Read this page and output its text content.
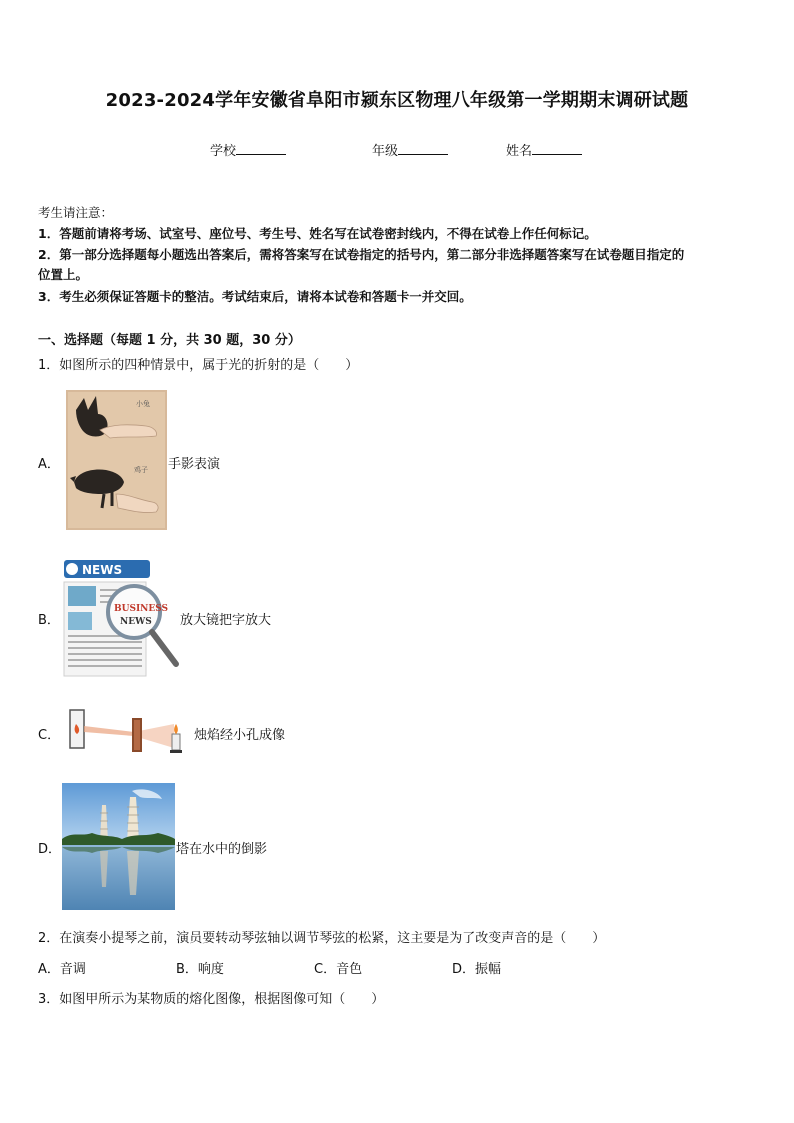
2023-2024学年安徽省阜阳市颍东区物理八年级第一学期期末调研试题
学校	年级	姓名
考生请注意：
1．答题前请将考场、试室号、座位号、考生号、姓名写在试卷密封线内，不得在试卷上作任何标记。
2．第一部分选择题每小题选出答案后，需将答案写在试卷指定的括号内，第二部分非选择题答案写在试卷题目指定的
位置上。
3．考生必须保证答题卡的整洁。考试结束后，请将本试卷和答题卡一并交回。
一、选择题（每题 1 分，共 30 题，30 分）
1．如图所示的四种情景中，属于光的折射的是（　　）
A．
小兔
鸡子 手影表演
B．
NEWS
BUSINESS
NEWS 放大镜把字放大
C．	烛焰经小孔成像
D．	塔在水中的倒影
2．在演奏小提琴之前，演员要转动琴弦轴以调节琴弦的松紧，这主要是为了改变声音的是（　　）
A．音调	B．响度	C．音色	D．振幅
3．如图甲所示为某物质的熔化图像，根据图像可知（　　）
